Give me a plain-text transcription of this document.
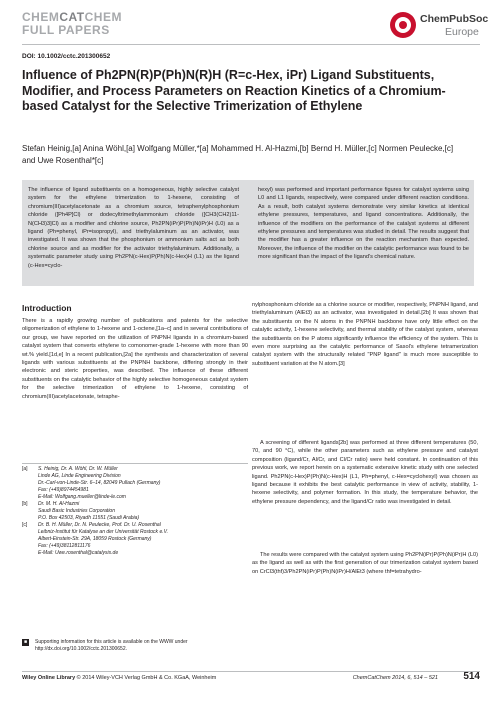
CHEMCATCHEM
FULL PAPERS
ChemPubSoc
Europe
DOI: 10.1002/cctc.201300652
Influence of Ph2PN(R)P(Ph)N(R)H (R=c-Hex, iPr) Ligand Substituents, Modifier, and Process Parameters on Reaction Kinetics of a Chromium-based Catalyst for the Selective Trimerization of Ethylene
Stefan Heinig,[a] Anina Wöhl,[a] Wolfgang Müller,*[a] Mohammed H. Al-Hazmi,[b] Bernd H. Müller,[c] Normen Peulecke,[c] and Uwe Rosenthal*[c]
The influence of ligand substituents on a homogeneous, highly selective catalyst system for the ethylene trimerization to 1-hexene, consisting of chromium(III)acetylacetonate as a chromium source, tetraphenylphosphonium chloride ([Ph4P]Cl) or dodecyltrimethylammonium chloride ([CH3(CH2)11-N(CH3)3]Cl) as a modifier and chlorine source, Ph2PN(iPr)P(Ph)N(iPr)H (L0) as a ligand (Ph=phenyl, iPr=isopropyl), and triethylaluminum as an activator, was investigated. It was shown that the phosphonium or ammonium salts act as both chlorine source and as modifier for the activator triethylaluminum. Additionally, a systematic parameter study using Ph2PN(c-Hex)P(Ph)N(c-Hex)H (L1) as the ligand (c-Hex=cyclo-
hexyl) was performed and important performance figures for catalyst systems using L0 and L1 ligands, respectively, were compared under different reaction conditions. As a result, both catalyst systems demonstrate very similar kinetics at identical ethylene pressures, temperatures, and ligand concentrations. Additionally, the influence of the modifiers on the performance of the catalyst systems at different ethylene pressures and temperatures was studied in detail. The results suggest that the modifier has a greater influence on the reaction mechanism than expected. Moreover, the influence of the modifier on the catalytic performance was found to be more significant than the impact of the ligand's chemical nature.
Introduction
There is a rapidly growing number of publications and patents for the selective oligomerization of ethylene to 1-hexene and 1-octene,[1a–c] and in several contributions of our group, we have reported on the utilization of PNPNH ligands in a chromium-based catalyst system that converts ethylene to comonomer-grade 1-hexene with more than 90 wt.% yield.[1d,e] In a recent publication,[2a] the synthesis and characterization of several ligands with various substituents at the PNPNH backbone, differing strongly in their electronic and steric properties, was described. The influence of these different substituents on the catalytic behavior of the highly selective homogeneous catalyst system for the selective trimerization of ethylene to 1-hexene, consisting of chromium(III)acetylacetonate, tetraphe-
nylphosphonium chloride as a chlorine source or modifier, respectively, PNPNH ligand, and triethylaluminum (AlEt3) as an activator, was investigated in detail.[2b] It was shown that the substituents on the N atoms in the PNPNH backbone have only little effect on the catalytic activity, 1-hexene selectivity, and thermal stability of the catalyst system, whereas the substituents on the P atoms significantly influence the efficiency of the system. This is even more surprising as the catalytic performance of Sasol's ethylene tetramerization catalyst system with the structurally related "PNP ligand" is much more susceptible to substituent variation at the N atom.[3]
A screening of different ligands[2b] was performed at three different temperatures (50, 70, and 90 °C), while the other parameters such as ethylene pressure and catalyst composition (ligand/Cr, Al/Cr, and Cl/Cr ratio) were held constant. In continuation of this previous work, we report herein on a systematic extensive kinetic study with one selected ligand. Ph2PN(c-Hex)P(Ph)N(c-Hex)H (L1, Ph=phenyl, c-Hex=cyclohexyl) was chosen as ligand because it exhibits the best catalytic performance in view of activity, stability, 1-hexene selectivity, and polymer formation. In this study, the temperature behavior, the ethylene pressure dependency, and the ligand/Cr ratio was investigated in detail.
The results were compared with the catalyst system using Ph2PN(iPr)P(Ph)N(iPr)H (L0) as the ligand as well as with the first generation of our trimerization catalyst system based on CrCl3(thf)3/Ph2PN(iPr)P(Ph)N(iPr)H/AlEt3 (where thf=tetrahydro-
[a]	S. Heinig, Dr. A. Wöhl, Dr. W. Müller
Linde AG, Linde Engineering Division
Dr.-Carl-von-Linde-Str. 6–14, 82049 Pullach (Germany)
Fax: (+49)8974454981
E-Mail: Wolfgang.mueller@linde-le.com
[b]	Dr. M. H. Al-Hazmi
Saudi Basic Industries Corporation
P.O. Box 42503, Riyadh 11551 (Saudi Arabia)
[c]	Dr. B. H. Müller, Dr. N. Peulecke, Prof. Dr. U. Rosenthal
Leibniz-Institut für Katalyse an der Universität Rostock e.V.
Albert-Einstein-Str. 29A, 18059 Rostock (Germany)
Fax: (+49)38112811176
E-Mail: Uwe.rosenthal@catalysis.de
■	Supporting information for this article is available on the WWW under http://dx.doi.org/10.1002/cctc.201300652.
Wiley Online Library © 2014 Wiley-VCH Verlag GmbH & Co. KGaA, Weinheim	ChemCatChem 2014, 6, 514 – 521	514
